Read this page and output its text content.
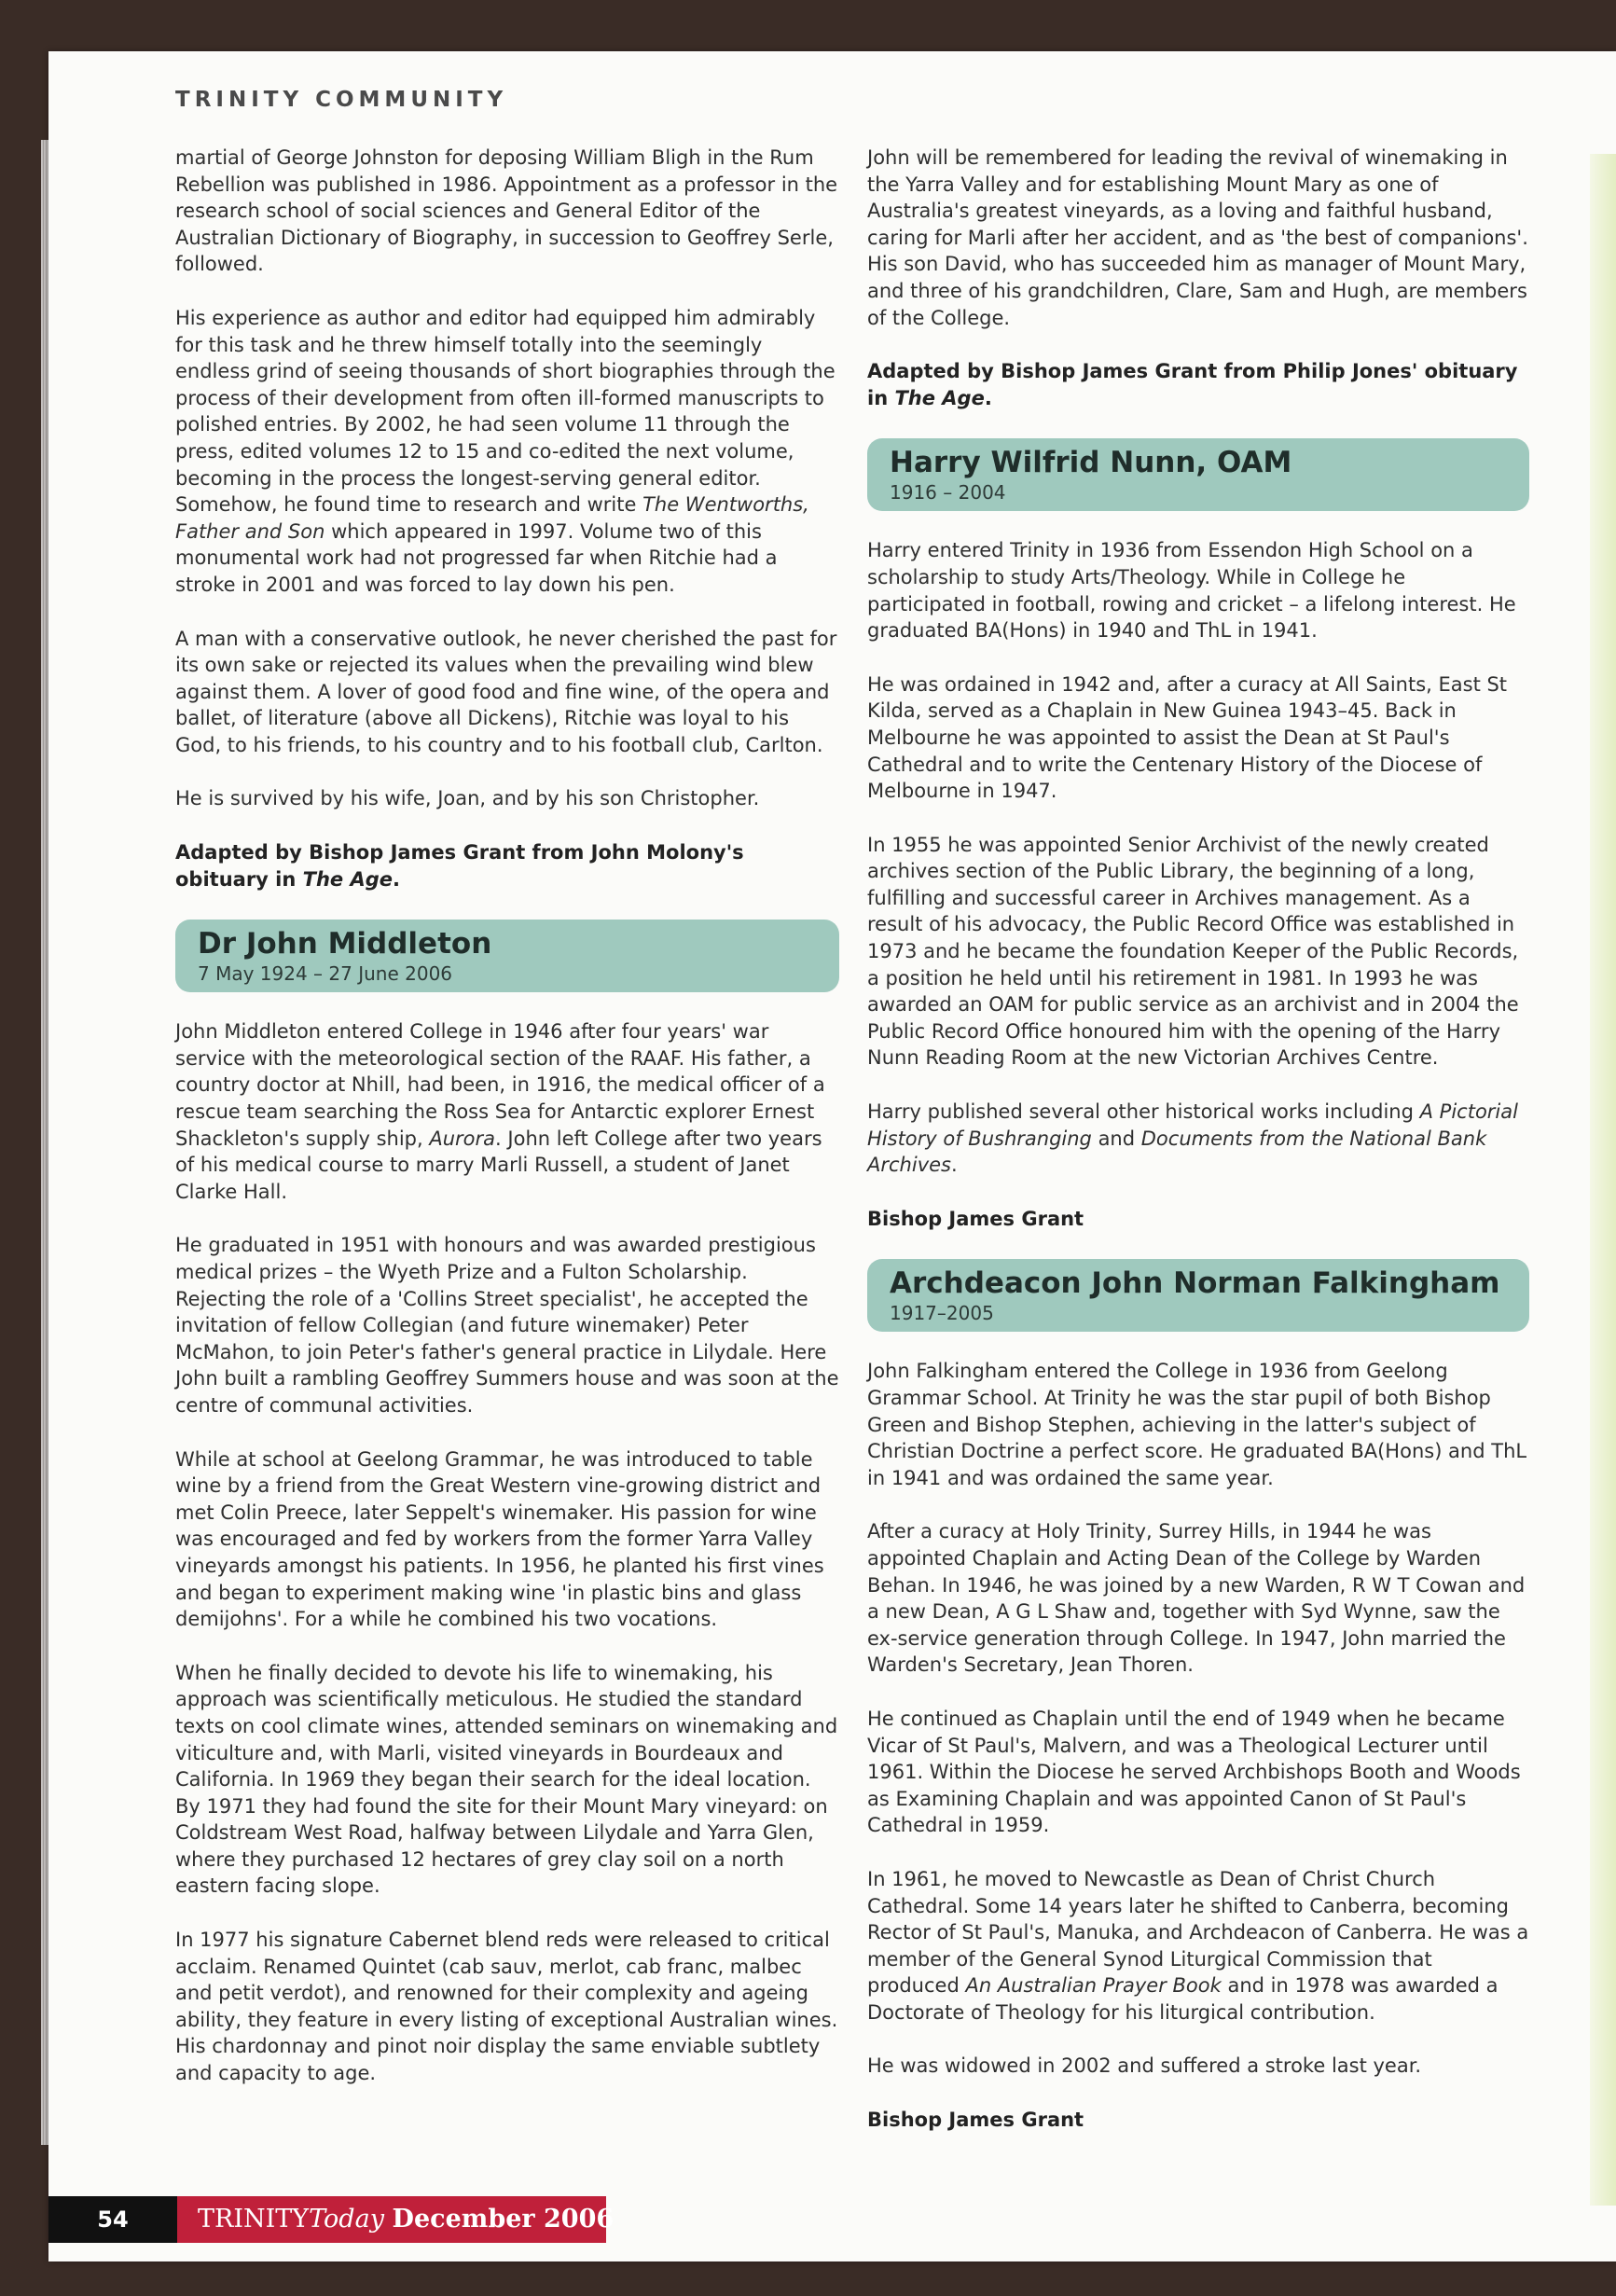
TRINITY COMMUNITY

martial of George Johnston for deposing William Bligh in the Rum Rebellion was published in 1986. Appointment as a professor in the research school of social sciences and General Editor of the Australian Dictionary of Biography, in succession to Geoffrey Serle, followed.

His experience as author and editor had equipped him admirably for this task and he threw himself totally into the seemingly endless grind of seeing thousands of short biographies through the process of their development from often ill-formed manuscripts to polished entries. By 2002, he had seen volume 11 through the press, edited volumes 12 to 15 and co-edited the next volume, becoming in the process the longest-serving general editor. Somehow, he found time to research and write The Wentworths, Father and Son which appeared in 1997. Volume two of this monumental work had not progressed far when Ritchie had a stroke in 2001 and was forced to lay down his pen.

A man with a conservative outlook, he never cherished the past for its own sake or rejected its values when the prevailing wind blew against them. A lover of good food and fine wine, of the opera and ballet, of literature (above all Dickens), Ritchie was loyal to his God, to his friends, to his country and to his football club, Carlton.

He is survived by his wife, Joan, and by his son Christopher.

Adapted by Bishop James Grant from John Molony's obituary in The Age.

Dr John Middleton
7 May 1924 – 27 June 2006

John Middleton entered College in 1946 after four years' war service with the meteorological section of the RAAF. His father, a country doctor at Nhill, had been, in 1916, the medical officer of a rescue team searching the Ross Sea for Antarctic explorer Ernest Shackleton's supply ship, Aurora. John left College after two years of his medical course to marry Marli Russell, a student of Janet Clarke Hall.

He graduated in 1951 with honours and was awarded prestigious medical prizes – the Wyeth Prize and a Fulton Scholarship. Rejecting the role of a 'Collins Street specialist', he accepted the invitation of fellow Collegian (and future winemaker) Peter McMahon, to join Peter's father's general practice in Lilydale. Here John built a rambling Geoffrey Summers house and was soon at the centre of communal activities.

While at school at Geelong Grammar, he was introduced to table wine by a friend from the Great Western vine-growing district and met Colin Preece, later Seppelt's winemaker. His passion for wine was encouraged and fed by workers from the former Yarra Valley vineyards amongst his patients. In 1956, he planted his first vines and began to experiment making wine 'in plastic bins and glass demijohns'. For a while he combined his two vocations.

When he finally decided to devote his life to winemaking, his approach was scientifically meticulous. He studied the standard texts on cool climate wines, attended seminars on winemaking and viticulture and, with Marli, visited vineyards in Bourdeaux and California. In 1969 they began their search for the ideal location. By 1971 they had found the site for their Mount Mary vineyard: on Coldstream West Road, halfway between Lilydale and Yarra Glen, where they purchased 12 hectares of grey clay soil on a north eastern facing slope.

In 1977 his signature Cabernet blend reds were released to critical acclaim. Renamed Quintet (cab sauv, merlot, cab franc, malbec and petit verdot), and renowned for their complexity and ageing ability, they feature in every listing of exceptional Australian wines. His chardonnay and pinot noir display the same enviable subtlety and capacity to age.

John will be remembered for leading the revival of winemaking in the Yarra Valley and for establishing Mount Mary as one of Australia's greatest vineyards, as a loving and faithful husband, caring for Marli after her accident, and as 'the best of companions'. His son David, who has succeeded him as manager of Mount Mary, and three of his grandchildren, Clare, Sam and Hugh, are members of the College.

Adapted by Bishop James Grant from Philip Jones' obituary in The Age.

Harry Wilfrid Nunn, OAM
1916 – 2004

Harry entered Trinity in 1936 from Essendon High School on a scholarship to study Arts/Theology. While in College he participated in football, rowing and cricket – a lifelong interest. He graduated BA(Hons) in 1940 and ThL in 1941.

He was ordained in 1942 and, after a curacy at All Saints, East St Kilda, served as a Chaplain in New Guinea 1943–45. Back in Melbourne he was appointed to assist the Dean at St Paul's Cathedral and to write the Centenary History of the Diocese of Melbourne in 1947.

In 1955 he was appointed Senior Archivist of the newly created archives section of the Public Library, the beginning of a long, fulfilling and successful career in Archives management. As a result of his advocacy, the Public Record Office was established in 1973 and he became the foundation Keeper of the Public Records, a position he held until his retirement in 1981. In 1993 he was awarded an OAM for public service as an archivist and in 2004 the Public Record Office honoured him with the opening of the Harry Nunn Reading Room at the new Victorian Archives Centre.

Harry published several other historical works including A Pictorial History of Bushranging and Documents from the National Bank Archives.

Bishop James Grant

Archdeacon John Norman Falkingham
1917–2005

John Falkingham entered the College in 1936 from Geelong Grammar School. At Trinity he was the star pupil of both Bishop Green and Bishop Stephen, achieving in the latter's subject of Christian Doctrine a perfect score. He graduated BA(Hons) and ThL in 1941 and was ordained the same year.

After a curacy at Holy Trinity, Surrey Hills, in 1944 he was appointed Chaplain and Acting Dean of the College by Warden Behan. In 1946, he was joined by a new Warden, R W T Cowan and a new Dean, A G L Shaw and, together with Syd Wynne, saw the ex-service generation through College. In 1947, John married the Warden's Secretary, Jean Thoren.

He continued as Chaplain until the end of 1949 when he became Vicar of St Paul's, Malvern, and was a Theological Lecturer until 1961. Within the Diocese he served Archbishops Booth and Woods as Examining Chaplain and was appointed Canon of St Paul's Cathedral in 1959.

In 1961, he moved to Newcastle as Dean of Christ Church Cathedral. Some 14 years later he shifted to Canberra, becoming Rector of St Paul's, Manuka, and Archdeacon of Canberra. He was a member of the General Synod Liturgical Commission that produced An Australian Prayer Book and in 1978 was awarded a Doctorate of Theology for his liturgical contribution.

He was widowed in 2002 and suffered a stroke last year.

Bishop James Grant

54	TRINITYToday December 2006
